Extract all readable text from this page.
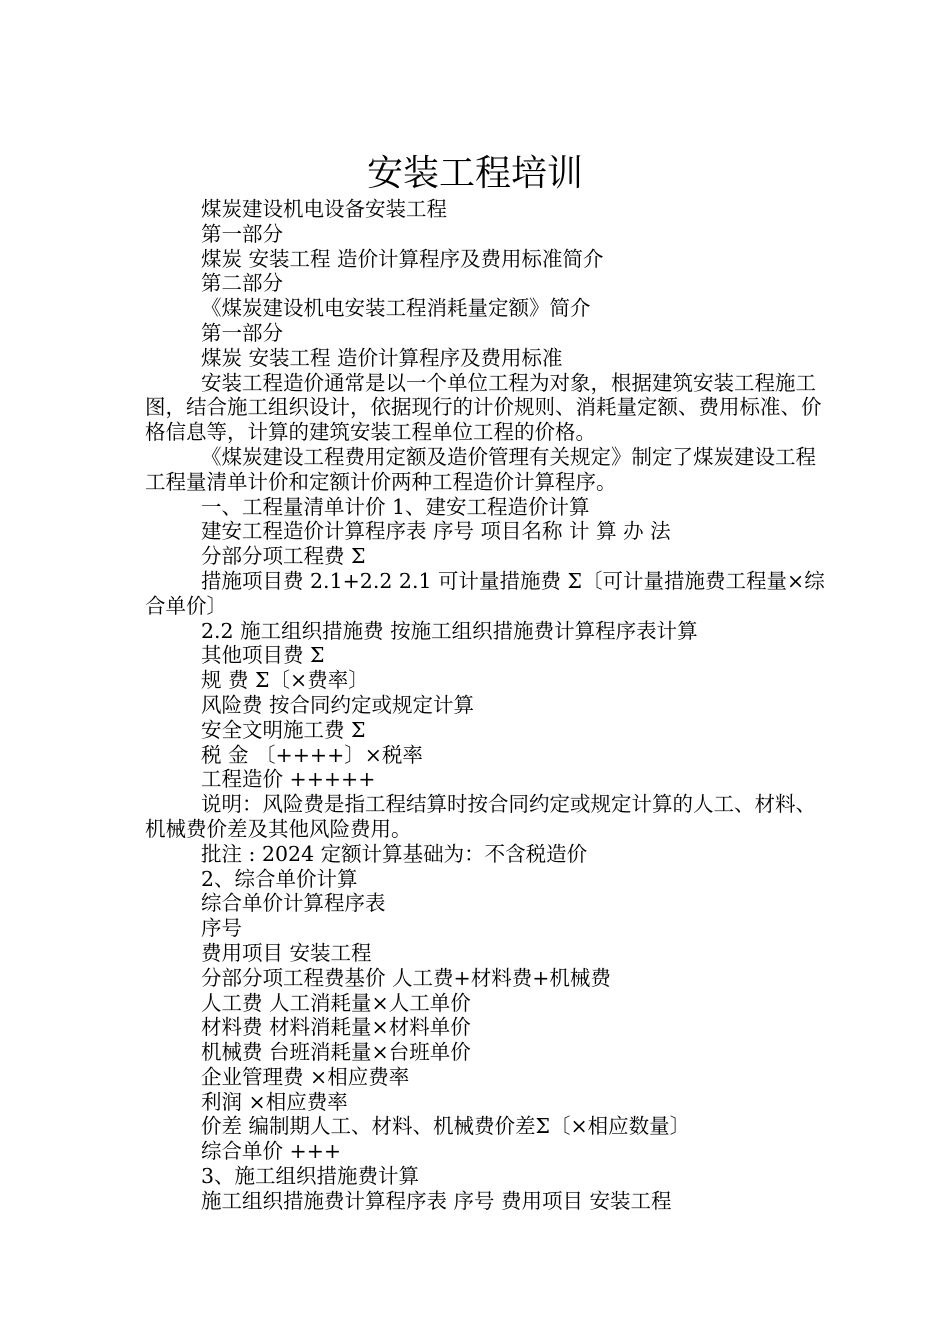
安装工程培训

煤炭建设机电设备安装工程

第一部分

煤炭 安装工程 造价计算程序及费用标准简介

第二部分

《煤炭建设机电安装工程消耗量定额》简介

第一部分

煤炭 安装工程 造价计算程序及费用标准

安装工程造价通常是以一个单位工程为对象，根据建筑安装工程施工图，结合施工组织设计，依据现行的计价规则、消耗量定额、费用标准、价格信息等，计算的建筑安装工程单位工程的价格。

《煤炭建设工程费用定额及造价管理有关规定》制定了煤炭建设工程工程量清单计价和定额计价两种工程造价计算程序。

一、工程量清单计价 1、建安工程造价计算

建安工程造价计算程序表 序号 项目名称 计 算 办 法

分部分项工程费 Σ

措施项目费 2.1+2.2 2.1 可计量措施费 Σ〔可计量措施费工程量×综合单价〕

2.2 施工组织措施费 按施工组织措施费计算程序表计算

其他项目费 Σ

规 费 Σ〔×费率〕

风险费 按合同约定或规定计算

安全文明施工费 Σ

税 金 〔++++〕×税率

工程造价 +++++

说明：风险费是指工程结算时按合同约定或规定计算的人工、材料、机械费价差及其他风险费用。

批注 : 2024 定额计算基础为：不含税造价

2、综合单价计算

综合单价计算程序表

序号

费用项目 安装工程

分部分项工程费基价 人工费+材料费+机械费

人工费 人工消耗量×人工单价

材料费 材料消耗量×材料单价

机械费 台班消耗量×台班单价

企业管理费 ×相应费率

利润 ×相应费率

价差 编制期人工、材料、机械费价差Σ〔×相应数量〕

综合单价 +++

3、施工组织措施费计算

施工组织措施费计算程序表 序号 费用项目 安装工程
